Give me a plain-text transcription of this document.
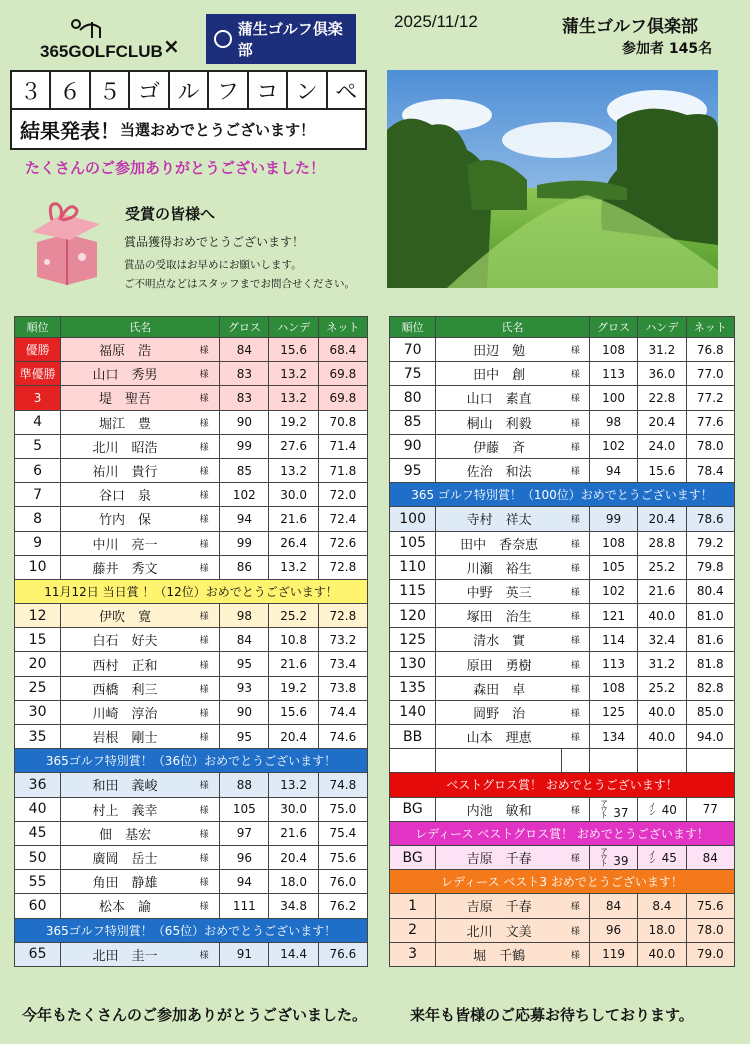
365GOLFCLUB ×
蒲生ゴルフ倶楽部
2025/11/12	蒲生ゴルフ倶楽部
参加者 145名
３ ６ ５ ゴ ル フ コ ン ペ
結果発表！ 当選おめでとうございます！
たくさんのご参加ありがとうございました！
受賞の皆様へ
賞品獲得おめでとうございます！
賞品の受取はお早めにお願いします。
ご不明点などはスタッフまでお問合せください。
順位	氏名		グロス	ハンデ	ネット
優勝	福原　浩	様	84	15.6	68.4
準優勝	山口　秀男	様	83	13.2	69.8
3	堤　聖吾	様	83	13.2	69.8
4	堀江　豊	様	90	19.2	70.8
5	北川　昭浩	様	99	27.6	71.4
6	祐川　貴行	様	85	13.2	71.8
7	谷口　泉	様	102	30.0	72.0
8	竹内　保	様	94	21.6	72.4
9	中川　亮一	様	99	26.4	72.6
10	藤井　秀文	様	86	13.2	72.8
11月12日 当日賞 ！（12位）おめでとうございます！					
12	伊吹　寛	様	98	25.2	72.8
15	白石　好夫	様	84	10.8	73.2
20	西村　正和	様	95	21.6	73.4
25	西橋　利三	様	93	19.2	73.8
30	川崎　淳治	様	90	15.6	74.4
35	岩根　剛士	様	95	20.4	74.6
365ゴルフ特別賞！（36位）おめでとうございます！					
36	和田　義峻	様	88	13.2	74.8
40	村上　義幸	様	105	30.0	75.0
45	佃　基宏	様	97	21.6	75.4
50	廣岡　岳士	様	96	20.4	75.6
55	角田　静雄	様	94	18.0	76.0
60	松本　諭	様	111	34.8	76.2
365ゴルフ特別賞！（65位）おめでとうございます！					
65	北田　圭一	様	91	14.4	76.6
順位	氏名		グロス	ハンデ	ネット
70	田辺　勉	様	108	31.2	76.8
75	田中　創	様	113	36.0	77.0
80	山口　素直	様	100	22.8	77.2
85	桐山　利毅	様	98	20.4	77.6
90	伊藤　斉	様	102	24.0	78.0
95	佐治　和法	様	94	15.6	78.4
365 ゴルフ特別賞！（100位）おめでとうございます！					
100	寺村　祥太	様	99	20.4	78.6
105	田中　香奈恵	様	108	28.8	79.2
110	川瀬　裕生	様	105	25.2	79.8
115	中野　英三	様	102	21.6	80.4
120	塚田　治生	様	121	40.0	81.0
125	清水　實	様	114	32.4	81.6
130	原田　勇樹	様	113	31.2	81.8
135	森田　卓	様	108	25.2	82.8
140	岡野　治	様	125	40.0	85.0
BB	山本　理恵	様	134	40.0	94.0

ベストグロス賞！ おめでとうございます！					
BG	内池　敏和	様	アウト 37	イン 40	77
レディース ベストグロス賞！ おめでとうございます！					
BG	吉原　千春	様	アウト 39	イン 45	84
レディース ベスト3 おめでとうございます！					
1	吉原　千春	様	84	8.4	75.6
2	北川　文美	様	96	18.0	78.0
3	堀　千鶴	様	119	40.0	79.0
今年もたくさんのご参加ありがとうございました。	来年も皆様のご応募お待ちしております。
